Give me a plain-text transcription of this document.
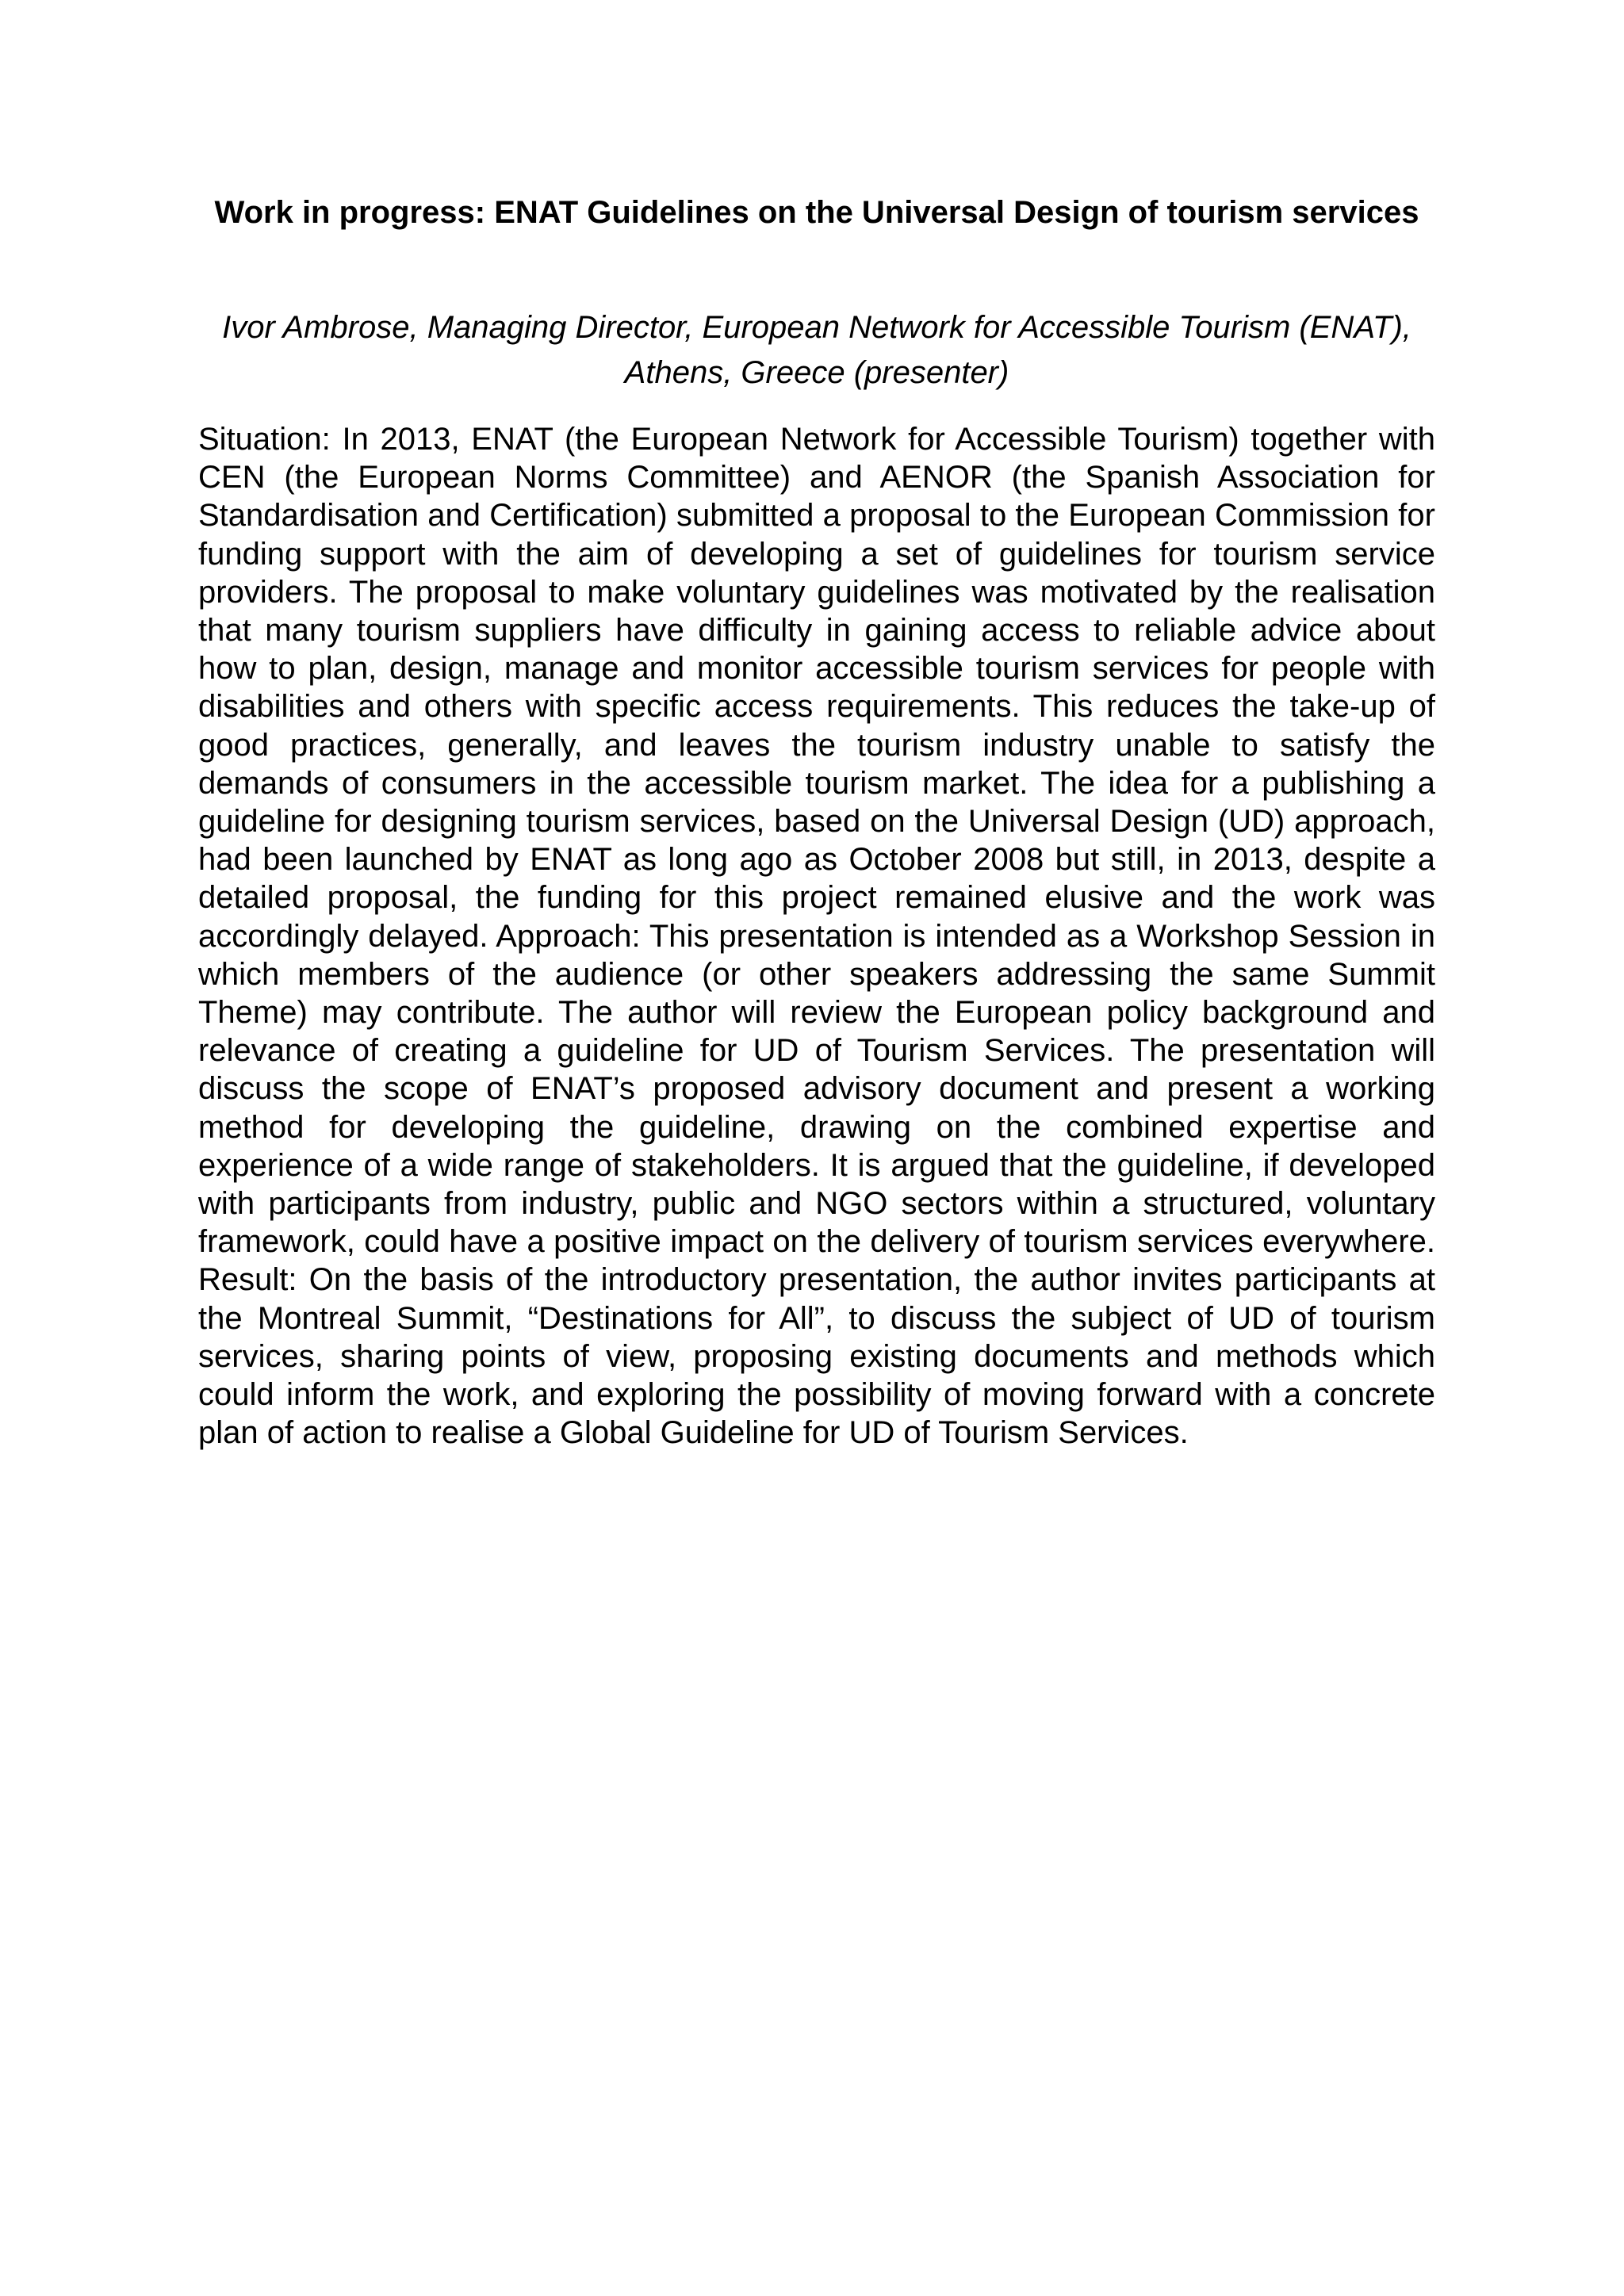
Work in progress: ENAT Guidelines on the Universal Design of tourism services

Ivor Ambrose, Managing Director, European Network for Accessible Tourism (ENAT), Athens, Greece (presenter)

Situation: In 2013, ENAT (the European Network for Accessible Tourism) together with CEN (the European Norms Committee) and AENOR (the Spanish Association for Standardisation and Certification) submitted a proposal to the European Commission for funding support with the aim of developing a set of guidelines for tourism service providers. The proposal to make voluntary guidelines was motivated by the realisation that many tourism suppliers have difficulty in gaining access to reliable advice about how to plan, design, manage and monitor accessible tourism services for people with disabilities and others with specific access requirements. This reduces the take-up of good practices, generally, and leaves the tourism industry unable to satisfy the demands of consumers in the accessible tourism market. The idea for a publishing a guideline for designing tourism services, based on the Universal Design (UD) approach, had been launched by ENAT as long ago as October 2008 but still, in 2013, despite a detailed proposal, the funding for this project remained elusive and the work was accordingly delayed. Approach: This presentation is intended as a Workshop Session in which members of the audience (or other speakers addressing the same Summit Theme) may contribute. The author will review the European policy background and relevance of creating a guideline for UD of Tourism Services. The presentation will discuss the scope of ENAT’s proposed advisory document and present a working method for developing the guideline, drawing on the combined expertise and experience of a wide range of stakeholders. It is argued that the guideline, if developed with participants from industry, public and NGO sectors within a structured, voluntary framework, could have a positive impact on the delivery of tourism services everywhere. Result: On the basis of the introductory presentation, the author invites participants at the Montreal Summit, “Destinations for All”, to discuss the subject of UD of tourism services, sharing points of view, proposing existing documents and methods which could inform the work, and exploring the possibility of moving forward with a concrete plan of action to realise a Global Guideline for UD of Tourism Services.
